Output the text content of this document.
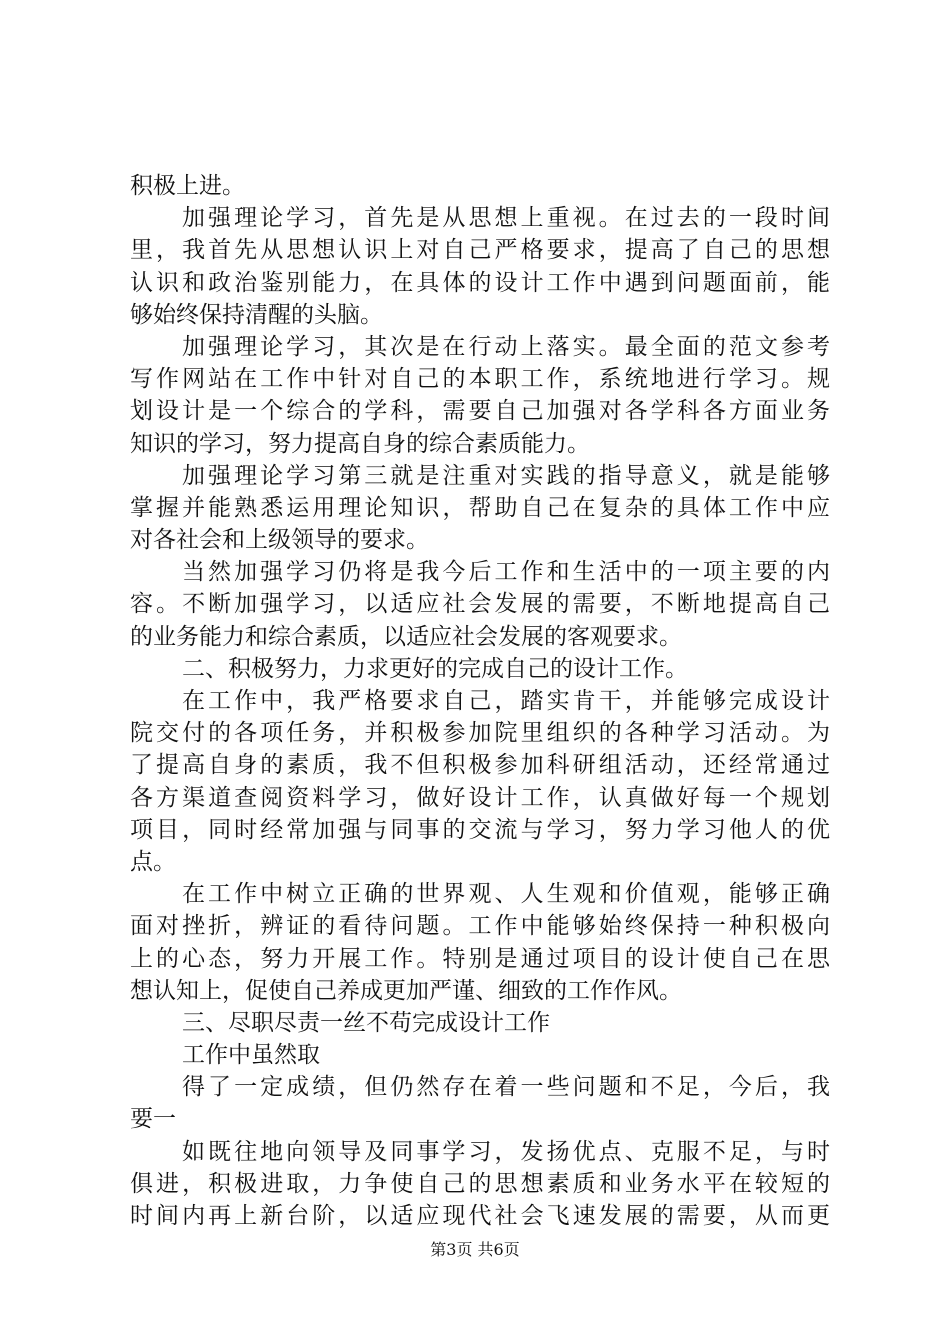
积极上进。
加强理论学习，首先是从思想上重视。在过去的一段时间
里，我首先从思想认识上对自己严格要求，提高了自己的思想
认识和政治鉴别能力，在具体的设计工作中遇到问题面前，能
够始终保持清醒的头脑。
加强理论学习，其次是在行动上落实。最全面的范文参考
写作网站在工作中针对自己的本职工作，系统地进行学习。规
划设计是一个综合的学科，需要自己加强对各学科各方面业务
知识的学习，努力提高自身的综合素质能力。
加强理论学习第三就是注重对实践的指导意义，就是能够
掌握并能熟悉运用理论知识，帮助自己在复杂的具体工作中应
对各社会和上级领导的要求。
当然加强学习仍将是我今后工作和生活中的一项主要的内
容。不断加强学习，以适应社会发展的需要，不断地提高自己
的业务能力和综合素质，以适应社会发展的客观要求。
二、积极努力，力求更好的完成自己的设计工作。
在工作中，我严格要求自己，踏实肯干，并能够完成设计
院交付的各项任务，并积极参加院里组织的各种学习活动。为
了提高自身的素质，我不但积极参加科研组活动，还经常通过
各方渠道查阅资料学习，做好设计工作，认真做好每一个规划
项目，同时经常加强与同事的交流与学习，努力学习他人的优
点。
在工作中树立正确的世界观、人生观和价值观，能够正确
面对挫折，辨证的看待问题。工作中能够始终保持一种积极向
上的心态，努力开展工作。特别是通过项目的设计使自己在思
想认知上，促使自己养成更加严谨、细致的工作作风。
三、尽职尽责一丝不苟完成设计工作
工作中虽然取
得了一定成绩，但仍然存在着一些问题和不足，今后，我
要一
如既往地向领导及同事学习，发扬优点、克服不足，与时
俱进，积极进取，力争使自己的思想素质和业务水平在较短的
时间内再上新台阶，以适应现代社会飞速发展的需要，从而更
第3页 共6页
